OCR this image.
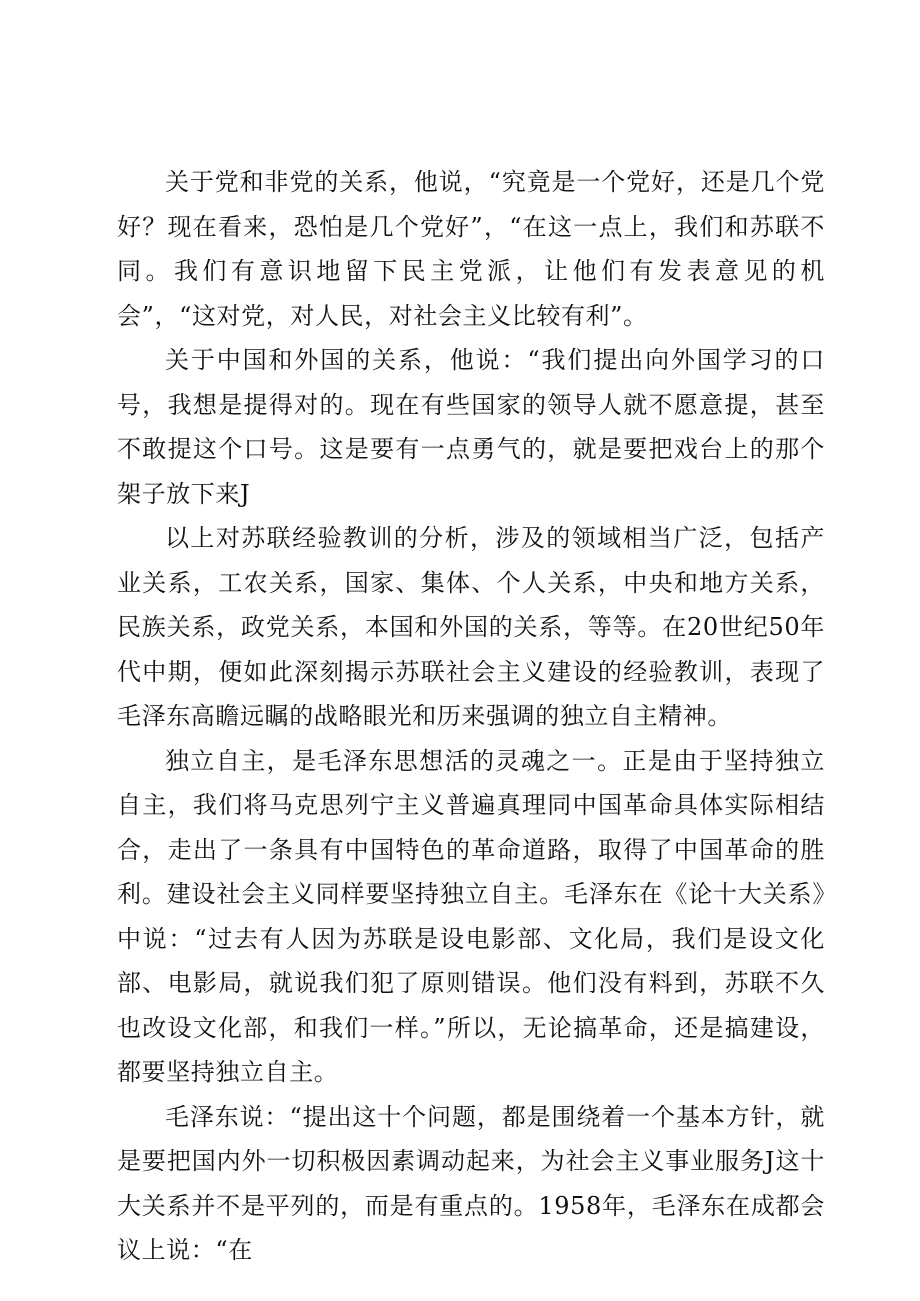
关于党和非党的关系，他说，“究竟是一个党好，还是几个党好？现在看来，恐怕是几个党好”，“在这一点上，我们和苏联不同。我们有意识地留下民主党派，让他们有发表意见的机会”，“这对党，对人民，对社会主义比较有利”。

关于中国和外国的关系，他说：“我们提出向外国学习的口号，我想是提得对的。现在有些国家的领导人就不愿意提，甚至不敢提这个口号。这是要有一点勇气的，就是要把戏台上的那个架子放下来J

以上对苏联经验教训的分析，涉及的领域相当广泛，包括产业关系，工农关系，国家、集体、个人关系，中央和地方关系，民族关系，政党关系，本国和外国的关系，等等。在20世纪50年代中期，便如此深刻揭示苏联社会主义建设的经验教训，表现了毛泽东高瞻远瞩的战略眼光和历来强调的独立自主精神。

独立自主，是毛泽东思想活的灵魂之一。正是由于坚持独立自主，我们将马克思列宁主义普遍真理同中国革命具体实际相结合，走出了一条具有中国特色的革命道路，取得了中国革命的胜利。建设社会主义同样要坚持独立自主。毛泽东在《论十大关系》中说：“过去有人因为苏联是设电影部、文化局，我们是设文化部、电影局，就说我们犯了原则错误。他们没有料到，苏联不久也改设文化部，和我们一样。”所以，无论搞革命，还是搞建设，都要坚持独立自主。

毛泽东说：“提出这十个问题，都是围绕着一个基本方针，就是要把国内外一切积极因素调动起来，为社会主义事业服务J这十大关系并不是平列的，而是有重点的。1958年，毛泽东在成都会议上说：“在
